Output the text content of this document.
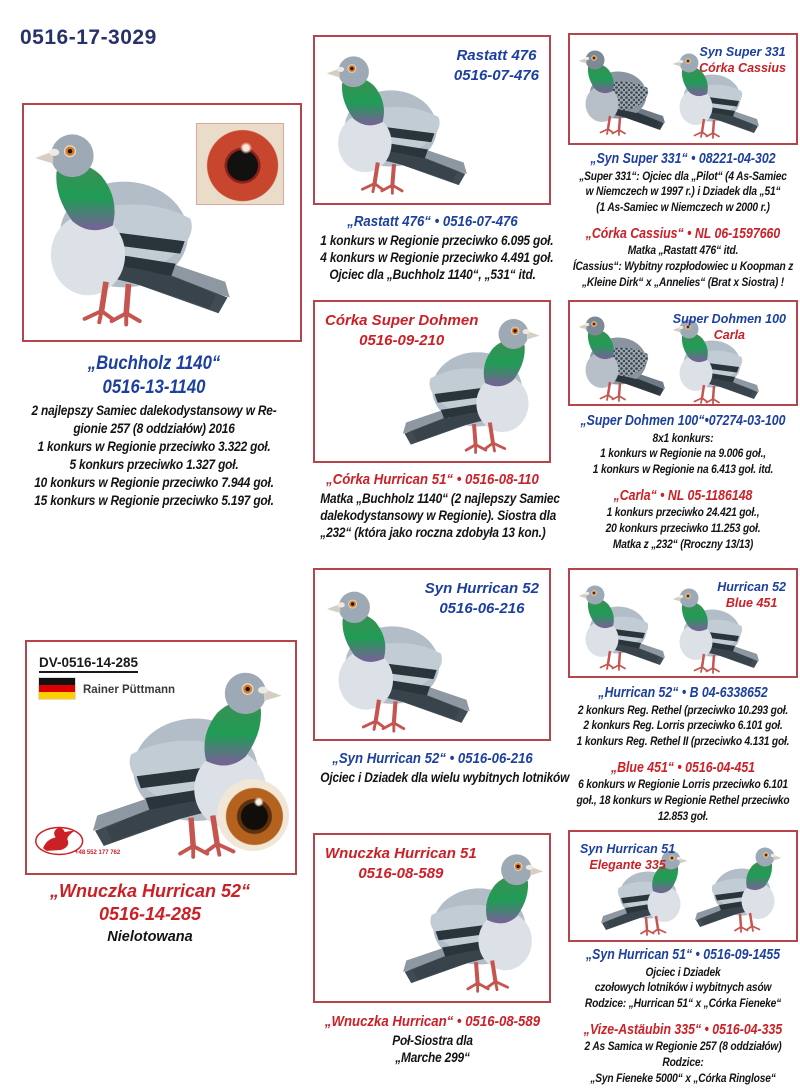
0516-17-3029
„Buchholz 1140“
0516-13-1140
2 najlepszy Samiec dalekodystansowy w Re-
gionie 257 (8 oddziałów) 2016
1 konkurs w Regionie przeciwko 3.322 goł.
5 konkurs przeciwko 1.327 goł.
10 konkurs w Regionie przeciwko 7.944 goł.
15 konkurs w Regionie przeciwko 5.197 goł.
DV-0516-14-285
Rainer Püttmann
+48 552 177 762
„Wnuczka Hurrican 52“
0516-14-285
Nielotowana
Rastatt 476
0516-07-476
„Rastatt 476“ • 0516-07-476
1 konkurs w Regionie przeciwko 6.095 goł.
4 konkurs w Regionie przeciwko 4.491 goł.
Ojciec dla „Buchholz 1140“, „531“ itd.
Córka Super Dohmen
0516-09-210
„Córka Hurrican 51“ • 0516-08-110
Matka „Buchholz 1140“ (2 najlepszy Samiec
dalekodystansowy w Regionie). Siostra dla
„232“ (która jako roczna zdobyła 13 kon.)
Syn Hurrican 52
0516-06-216
„Syn Hurrican 52“ • 0516-06-216
Ojciec i Dziadek dla wielu wybitnych lotników
Wnuczka Hurrican 51
0516-08-589
„Wnuczka Hurrican“ • 0516-08-589
Poł-Siostra dla
„Marche 299“
Syn Super 331
Córka Cassius
„Syn Super 331“ • 08221-04-302
„Super 331“: Ojciec dla „Pilot“ (4 As-Samiec
w Niemczech w 1997 r.) i Dziadek dla „51“
(1 As-Samiec w Niemczech w 2000 r.)
„Córka Cassius“ • NL 06-1597660
Matka „Rastatt 476“ itd.
ÍCassius“: Wybitny rozpłodowiec u Koopman z
„Kleine Dirk“ x „Annelies“ (Brat x Siostra) !
Super Dohmen 100
Carla
„Super Dohmen 100“•07274-03-100
8x1 konkurs:
1 konkurs w Regionie na 9.006 goł.,
1 konkurs w Regionie na 6.413 goł. itd.
„Carla“ • NL 05-1186148
1 konkurs przeciwko 24.421 goł.,
20 konkurs przeciwko 11.253 goł.
Matka z „232“ (Rroczny 13/13)
Hurrican 52
Blue 451
„Hurrican 52“ • B 04-6338652
2 konkurs Reg. Rethel (przeciwko 10.293 goł.
2 konkurs Reg. Lorris przeciwko 6.101 goł.
1 konkurs Reg. Rethel II (przeciwko 4.131 goł.
„Blue 451“ • 0516-04-451
6 konkurs w Regionie Lorris przeciwko 6.101
goł., 18 konkurs w Regionie Rethel przeciwko
12.853 goł.
Syn Hurrican 51
Elegante 335
„Syn Hurrican 51“ • 0516-09-1455
Ojciec i Dziadek
czołowych lotników i wybitnych asów
Rodzice: „Hurrican 51“ x „Córka Fieneke“
„Vize-Astäubin 335“ • 0516-04-335
2 As Samica w Regionie 257 (8 oddziałów)
Rodzice:
„Syn Fieneke 5000“ x „Córka Ringlose“
